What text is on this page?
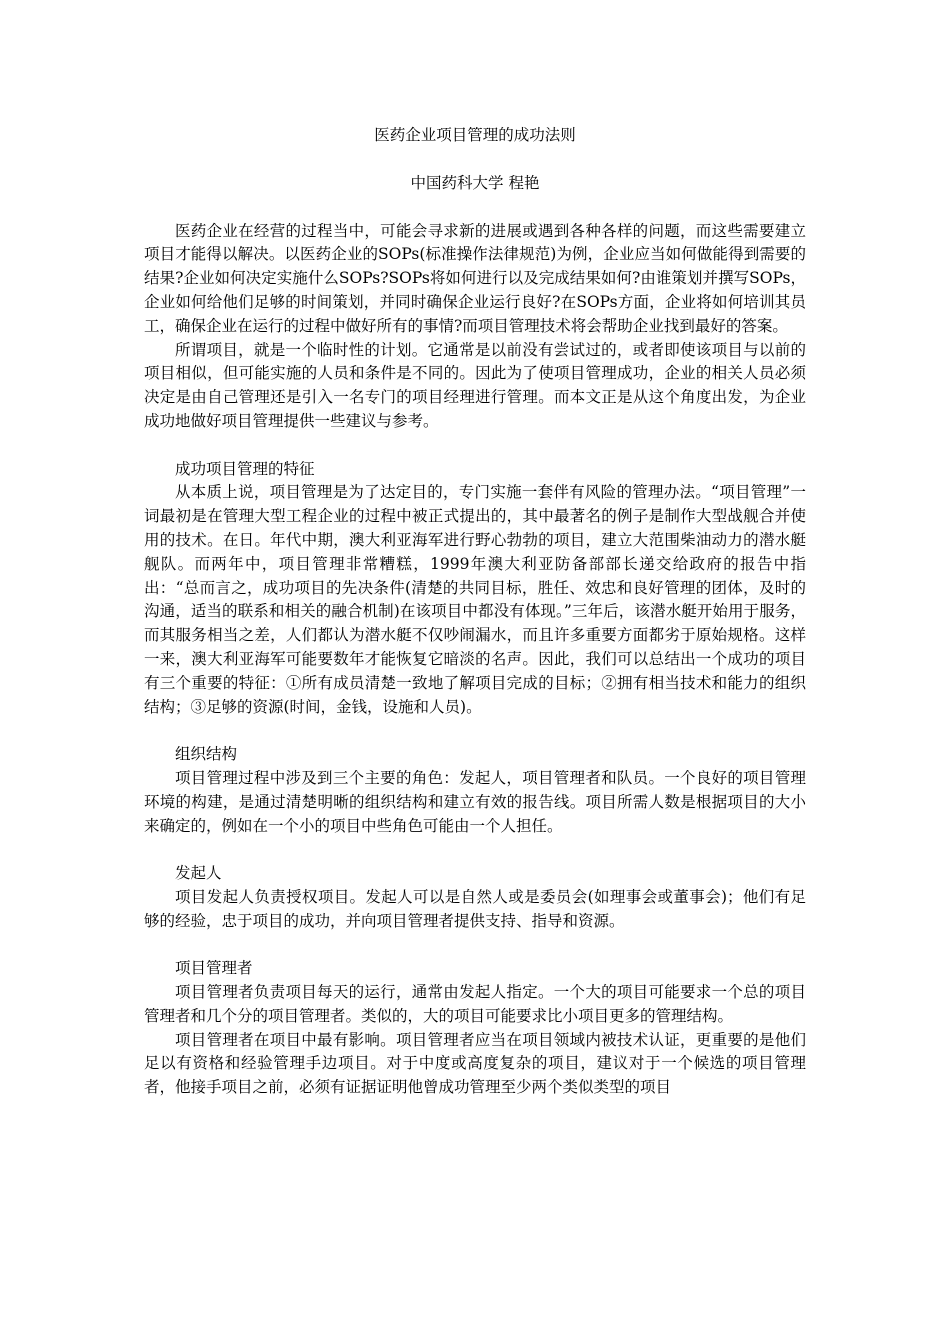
医药企业项目管理的成功法则

中国药科大学 程艳

医药企业在经营的过程当中，可能会寻求新的进展或遇到各种各样的问题，而这些需要建立项目才能得以解决。以医药企业的SOPs(标准操作法律规范)为例，企业应当如何做能得到需要的结果?企业如何决定实施什么SOPs?SOPs将如何进行以及完成结果如何?由谁策划并撰写SOPs，企业如何给他们足够的时间策划，并同时确保企业运行良好?在SOPs方面，企业将如何培训其员工，确保企业在运行的过程中做好所有的事情?而项目管理技术将会帮助企业找到最好的答案。

所谓项目，就是一个临时性的计划。它通常是以前没有尝试过的，或者即使该项目与以前的项目相似，但可能实施的人员和条件是不同的。因此为了使项目管理成功，企业的相关人员必须决定是由自己管理还是引入一名专门的项目经理进行管理。而本文正是从这个角度出发，为企业成功地做好项目管理提供一些建议与参考。

成功项目管理的特征

从本质上说，项目管理是为了达定目的，专门实施一套伴有风险的管理办法。“项目管理”一词最初是在管理大型工程企业的过程中被正式提出的，其中最著名的例子是制作大型战舰合并使用的技术。在日。年代中期，澳大利亚海军进行野心勃勃的项目，建立大范围柴油动力的潜水艇舰队。而两年中，项目管理非常糟糕，1999年澳大利亚防备部部长递交给政府的报告中指出：“总而言之，成功项目的先决条件(清楚的共同目标，胜任、效忠和良好管理的团体，及时的沟通，适当的联系和相关的融合机制)在该项目中都没有体现。”三年后，该潜水艇开始用于服务，而其服务相当之差，人们都认为潜水艇不仅吵闹漏水，而且许多重要方面都劣于原始规格。这样一来，澳大利亚海军可能要数年才能恢复它暗淡的名声。因此，我们可以总结出一个成功的项目有三个重要的特征：①所有成员清楚一致地了解项目完成的目标；②拥有相当技术和能力的组织结构；③足够的资源(时间，金钱，设施和人员)。

组织结构

项目管理过程中涉及到三个主要的角色：发起人，项目管理者和队员。一个良好的项目管理环境的构建，是通过清楚明晰的组织结构和建立有效的报告线。项目所需人数是根据项目的大小来确定的，例如在一个小的项目中些角色可能由一个人担任。

发起人

项目发起人负责授权项目。发起人可以是自然人或是委员会(如理事会或董事会)；他们有足够的经验，忠于项目的成功，并向项目管理者提供支持、指导和资源。

项目管理者

项目管理者负责项目每天的运行，通常由发起人指定。一个大的项目可能要求一个总的项目管理者和几个分的项目管理者。类似的，大的项目可能要求比小项目更多的管理结构。

项目管理者在项目中最有影响。项目管理者应当在项目领域内被技术认证，更重要的是他们足以有资格和经验管理手边项目。对于中度或高度复杂的项目，建议对于一个候选的项目管理者，他接手项目之前，必须有证据证明他曾成功管理至少两个类似类型的项目
